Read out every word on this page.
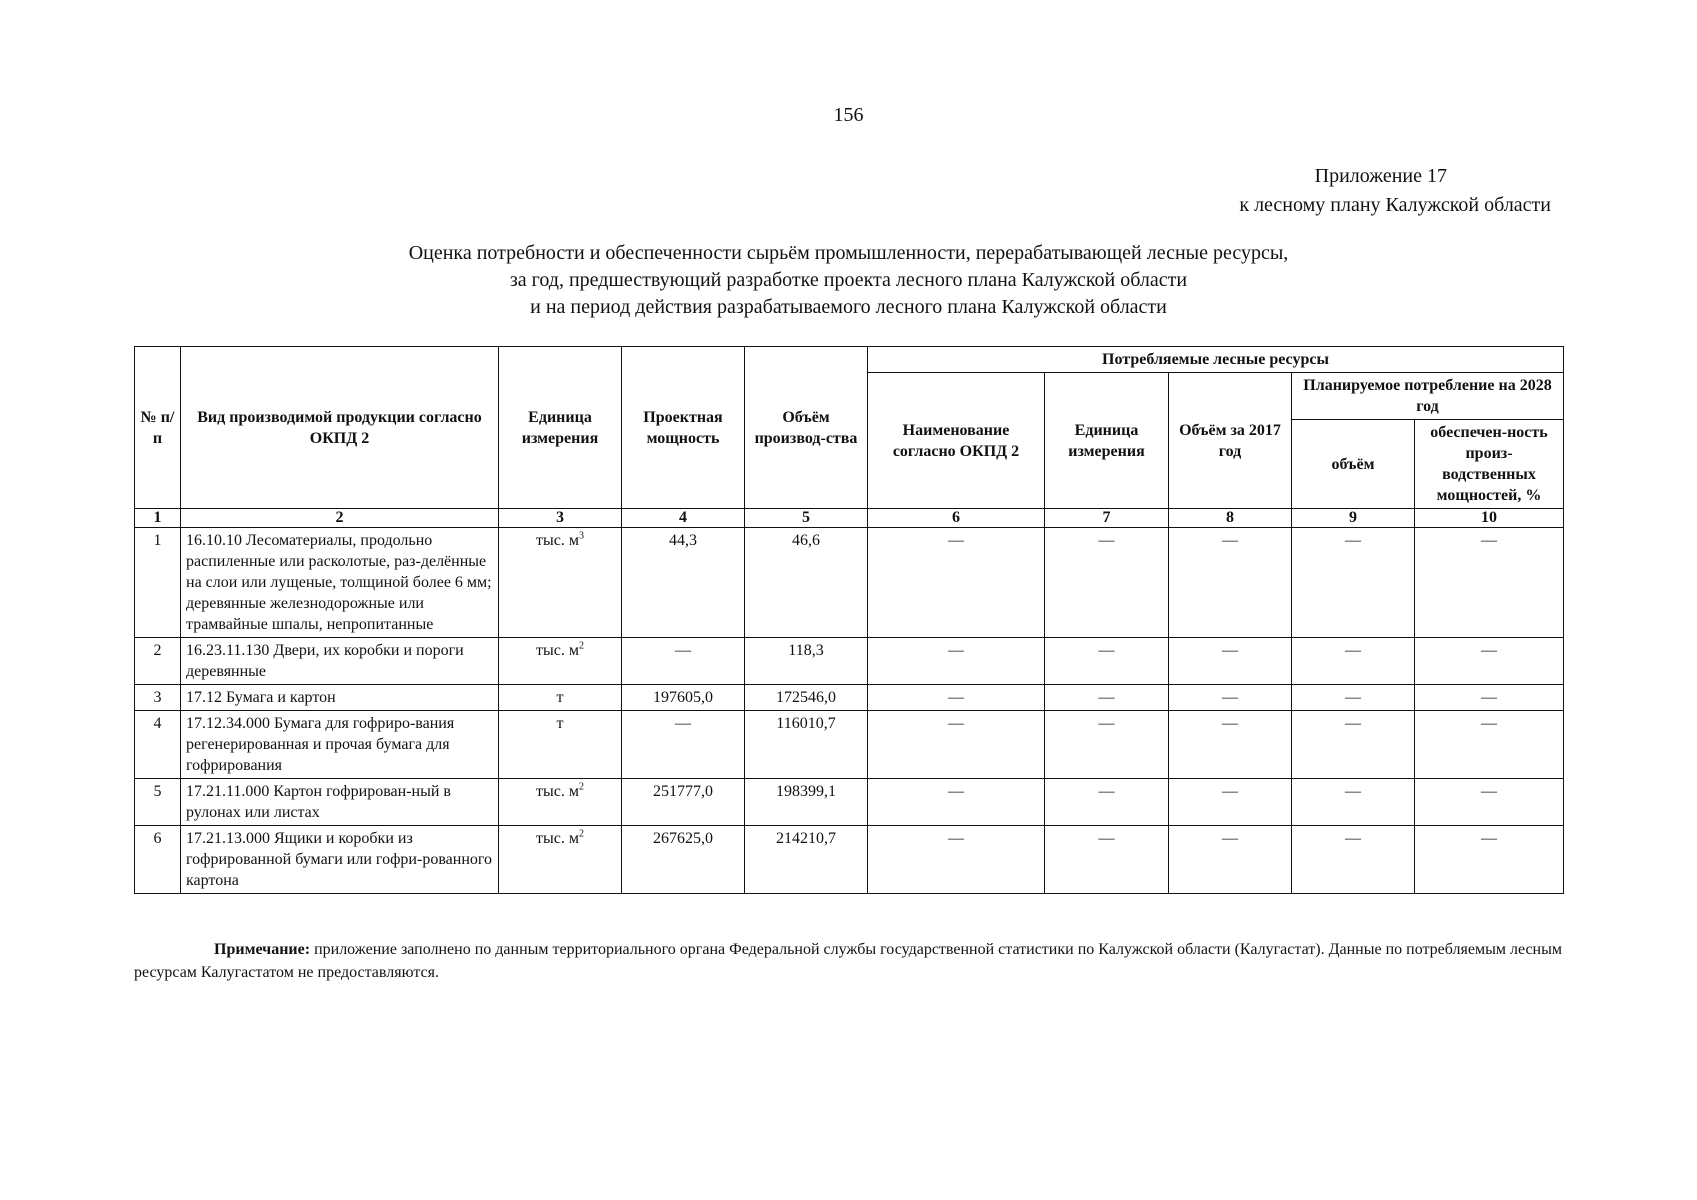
156
Приложение 17
к лесному плану Калужской области
Оценка потребности и обеспеченности сырьём промышленности, перерабатывающей лесные ресурсы,
за год, предшествующий разработке проекта лесного плана Калужской области
и на период действия разрабатываемого лесного плана Калужской области
№ п/п	Вид производимой продукции согласно ОКПД 2	Единица измерения	Проектная мощность	Объём производ-ства	Потребляемые лесные ресурсы				
					Наименование согласно ОКПД 2	Единица измерения	Объём за 2017 год	Планируемое потребление на 2028 год	
								объём	обеспечен-ность произ-водственных мощностей, %
1	2	3	4	5	6	7	8	9	10
1	16.10.10 Лесоматериалы, продольно распиленные или расколотые, раз-делённые на слои или лущеные, толщиной более 6 мм; деревянные железнодорожные или трамвайные шпалы, непропитанные	тыс. $м^3$	44,3	46,6	—	—	—	—	—
2	16.23.11.130 Двери, их коробки и пороги деревянные	тыс. $м^2$	—	118,3	—	—	—	—	—
3	17.12 Бумага и картон	т	197605,0	172546,0	—	—	—	—	—
4	17.12.34.000 Бумага для гофриро-вания регенерированная и прочая бумага для гофрирования	т	—	116010,7	—	—	—	—	—
5	17.21.11.000 Картон гофрирован-ный в рулонах или листах	тыс. $м^2$	251777,0	198399,1	—	—	—	—	—
6	17.21.13.000 Ящики и коробки из гофрированной бумаги или гофри-рованного картона	тыс. $м^2$	267625,0	214210,7	—	—	—	—	—
Примечание: приложение заполнено по данным территориального органа Федеральной службы государственной статистики по Калужской области (Калугастат). Данные по потребляемым лесным ресурсам Калугастатом не предоставляются.
